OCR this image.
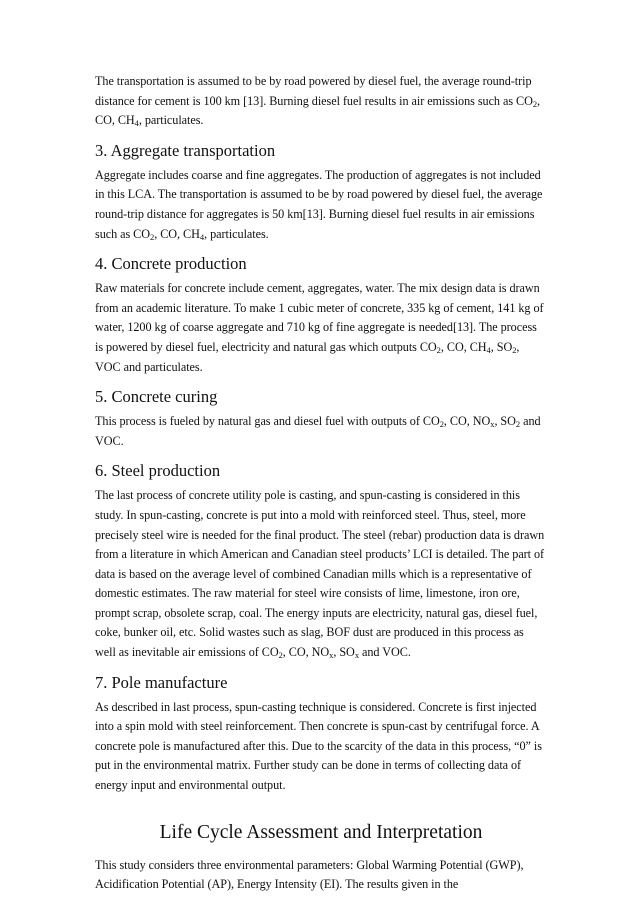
The transportation is assumed to be by road powered by diesel fuel, the average round-trip distance for cement is 100 km [13]. Burning diesel fuel results in air emissions such as $CO_2$, CO, $CH_4$, particulates.

3. Aggregate transportation

Aggregate includes coarse and fine aggregates. The production of aggregates is not included in this LCA. The transportation is assumed to be by road powered by diesel fuel, the average round-trip distance for aggregates is 50 km[13]. Burning diesel fuel results in air emissions such as $CO_2$, CO, $CH_4$, particulates.

4. Concrete production

Raw materials for concrete include cement, aggregates, water. The mix design data is drawn from an academic literature. To make 1 cubic meter of concrete, 335 kg of cement, 141 kg of water, 1200 kg of coarse aggregate and 710 kg of fine aggregate is needed[13]. The process is powered by diesel fuel, electricity and natural gas which outputs $CO_2$, CO, $CH_4$, $SO_2$, VOC and particulates.

5. Concrete curing

This process is fueled by natural gas and diesel fuel with outputs of $CO_2$, CO, $NO_x$, $SO_2$ and VOC.

6. Steel production

The last process of concrete utility pole is casting, and spun-casting is considered in this study. In spun-casting, concrete is put into a mold with reinforced steel. Thus, steel, more precisely steel wire is needed for the final product. The steel (rebar) production data is drawn from a literature in which American and Canadian steel products’ LCI is detailed. The part of data is based on the average level of combined Canadian mills which is a representative of domestic estimates. The raw material for steel wire consists of lime, limestone, iron ore, prompt scrap, obsolete scrap, coal. The energy inputs are electricity, natural gas, diesel fuel, coke, bunker oil, etc. Solid wastes such as slag, BOF dust are produced in this process as well as inevitable air emissions of $CO_2$, CO, $NO_x$, $SO_x$ and VOC.

7. Pole manufacture

As described in last process, spun-casting technique is considered. Concrete is first injected into a spin mold with steel reinforcement. Then concrete is spun-cast by centrifugal force. A concrete pole is manufactured after this. Due to the scarcity of the data in this process, “0” is put in the environmental matrix. Further study can be done in terms of collecting data of energy input and environmental output.

Life Cycle Assessment and Interpretation

This study considers three environmental parameters: Global Warming Potential (GWP), Acidification Potential (AP), Energy Intensity (EI). The results given in the
